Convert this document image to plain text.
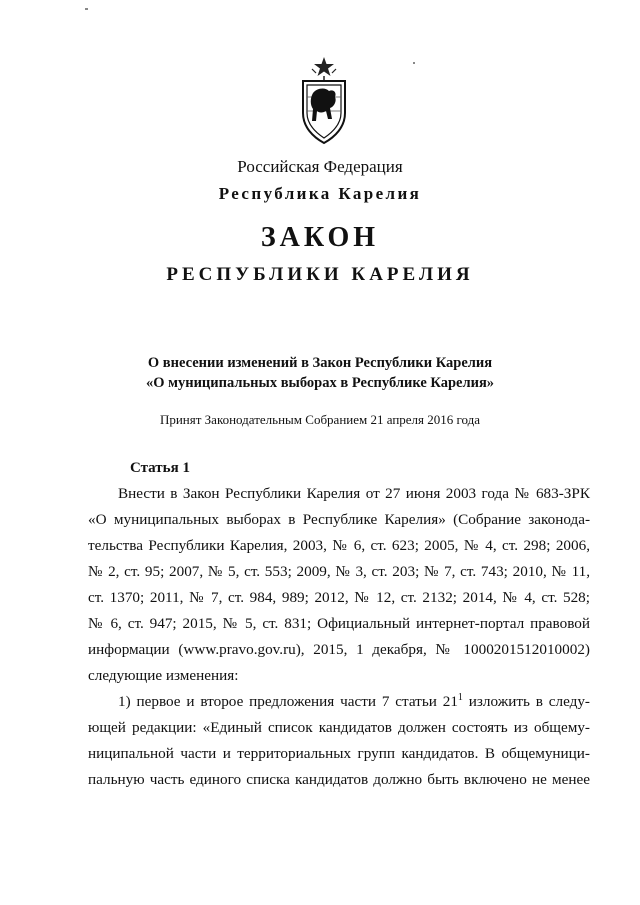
Российская Федерация
Республика Карелия
ЗАКОН
РЕСПУБЛИКИ КАРЕЛИЯ
О внесении изменений в Закон Республики Карелия
«О муниципальных выборах в Республике Карелия»
Принят Законодательным Собранием 21 апреля 2016 года
Статья 1
Внести в Закон Республики Карелия от 27 июня 2003 года № 683-ЗРК
«О муниципальных выборах в Республике Карелия» (Собрание законода-
тельства Республики Карелия, 2003, № 6, ст. 623; 2005, № 4, ст. 298; 2006,
№ 2, ст. 95; 2007, № 5, ст. 553; 2009, № 3, ст. 203; № 7, ст. 743; 2010, № 11,
ст. 1370; 2011, № 7, ст. 984, 989; 2012, № 12, ст. 2132; 2014, № 4, ст. 528;
№ 6, ст. 947; 2015, № 5, ст. 831; Официальный интернет-портал правовой
информации (www.pravo.gov.ru), 2015, 1 декабря, № 1000201512010002)
следующие изменения:
1) первое и второе предложения части 7 статьи $21^1$ изложить в следу-
ющей редакции: «Единый список кандидатов должен состоять из общему-
ниципальной части и территориальных групп кандидатов. В общемуници-
пальную часть единого списка кандидатов должно быть включено не менее
